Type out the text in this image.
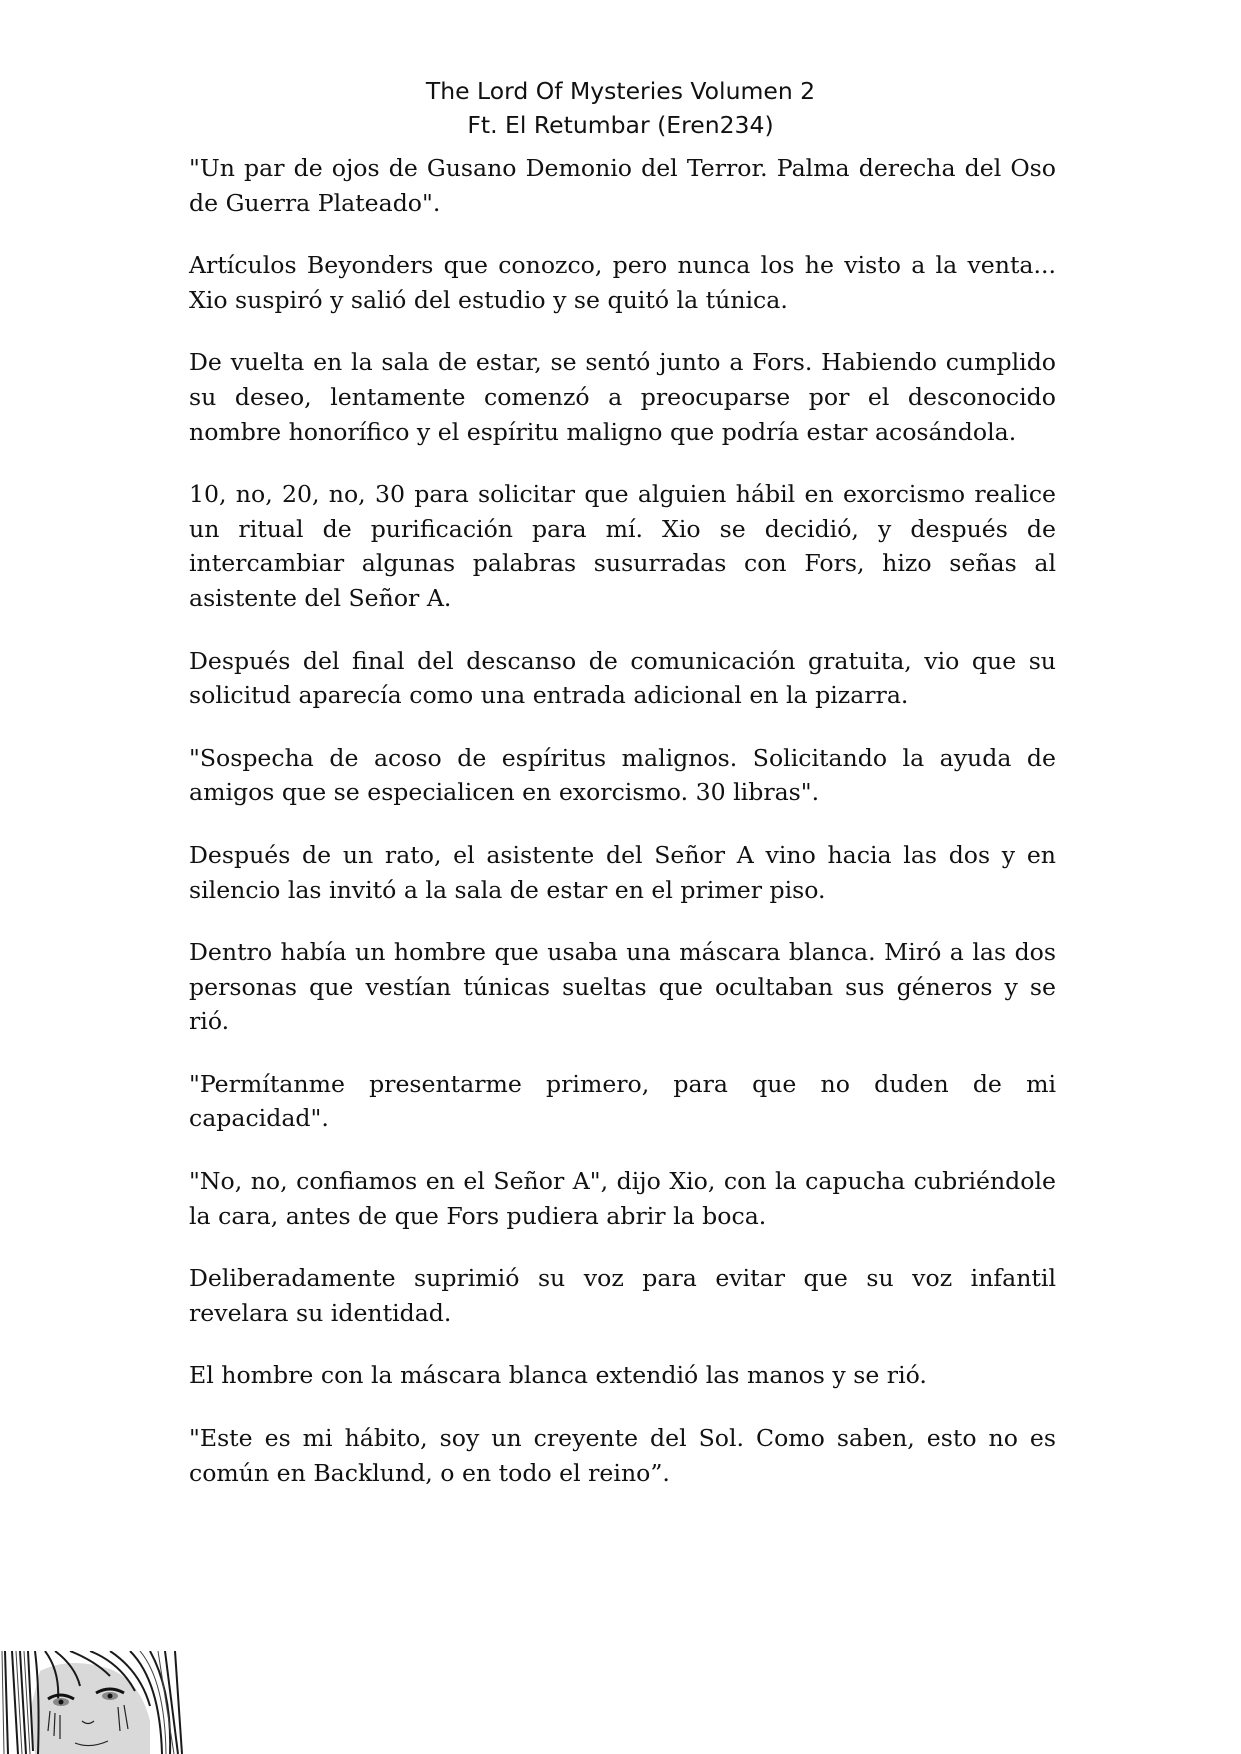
The Lord Of Mysteries Volumen 2
Ft. El Retumbar (Eren234)

"Un par de ojos de Gusano Demonio del Terror. Palma derecha del Oso de Guerra Plateado".

Artículos Beyonders que conozco, pero nunca los he visto a la venta... Xio suspiró y salió del estudio y se quitó la túnica.

De vuelta en la sala de estar, se sentó junto a Fors. Habiendo cumplido su deseo, lentamente comenzó a preocuparse por el desconocido nombre honorífico y el espíritu maligno que podría estar acosándola.

10, no, 20, no, 30 para solicitar que alguien hábil en exorcismo realice un ritual de purificación para mí. Xio se decidió, y después de intercambiar algunas palabras susurradas con Fors, hizo señas al asistente del Señor A.

Después del final del descanso de comunicación gratuita, vio que su solicitud aparecía como una entrada adicional en la pizarra.

"Sospecha de acoso de espíritus malignos. Solicitando la ayuda de amigos que se especialicen en exorcismo. 30 libras".

Después de un rato, el asistente del Señor A vino hacia las dos y en silencio las invitó a la sala de estar en el primer piso.

Dentro había un hombre que usaba una máscara blanca. Miró a las dos personas que vestían túnicas sueltas que ocultaban sus géneros y se rió.

"Permítanme presentarme primero, para que no duden de mi capacidad".

"No, no, confiamos en el Señor A", dijo Xio, con la capucha cubriéndole la cara, antes de que Fors pudiera abrir la boca.

Deliberadamente suprimió su voz para evitar que su voz infantil revelara su identidad.

El hombre con la máscara blanca extendió las manos y se rió.

"Este es mi hábito, soy un creyente del Sol. Como saben, esto no es común en Backlund, o en todo el reino”.
